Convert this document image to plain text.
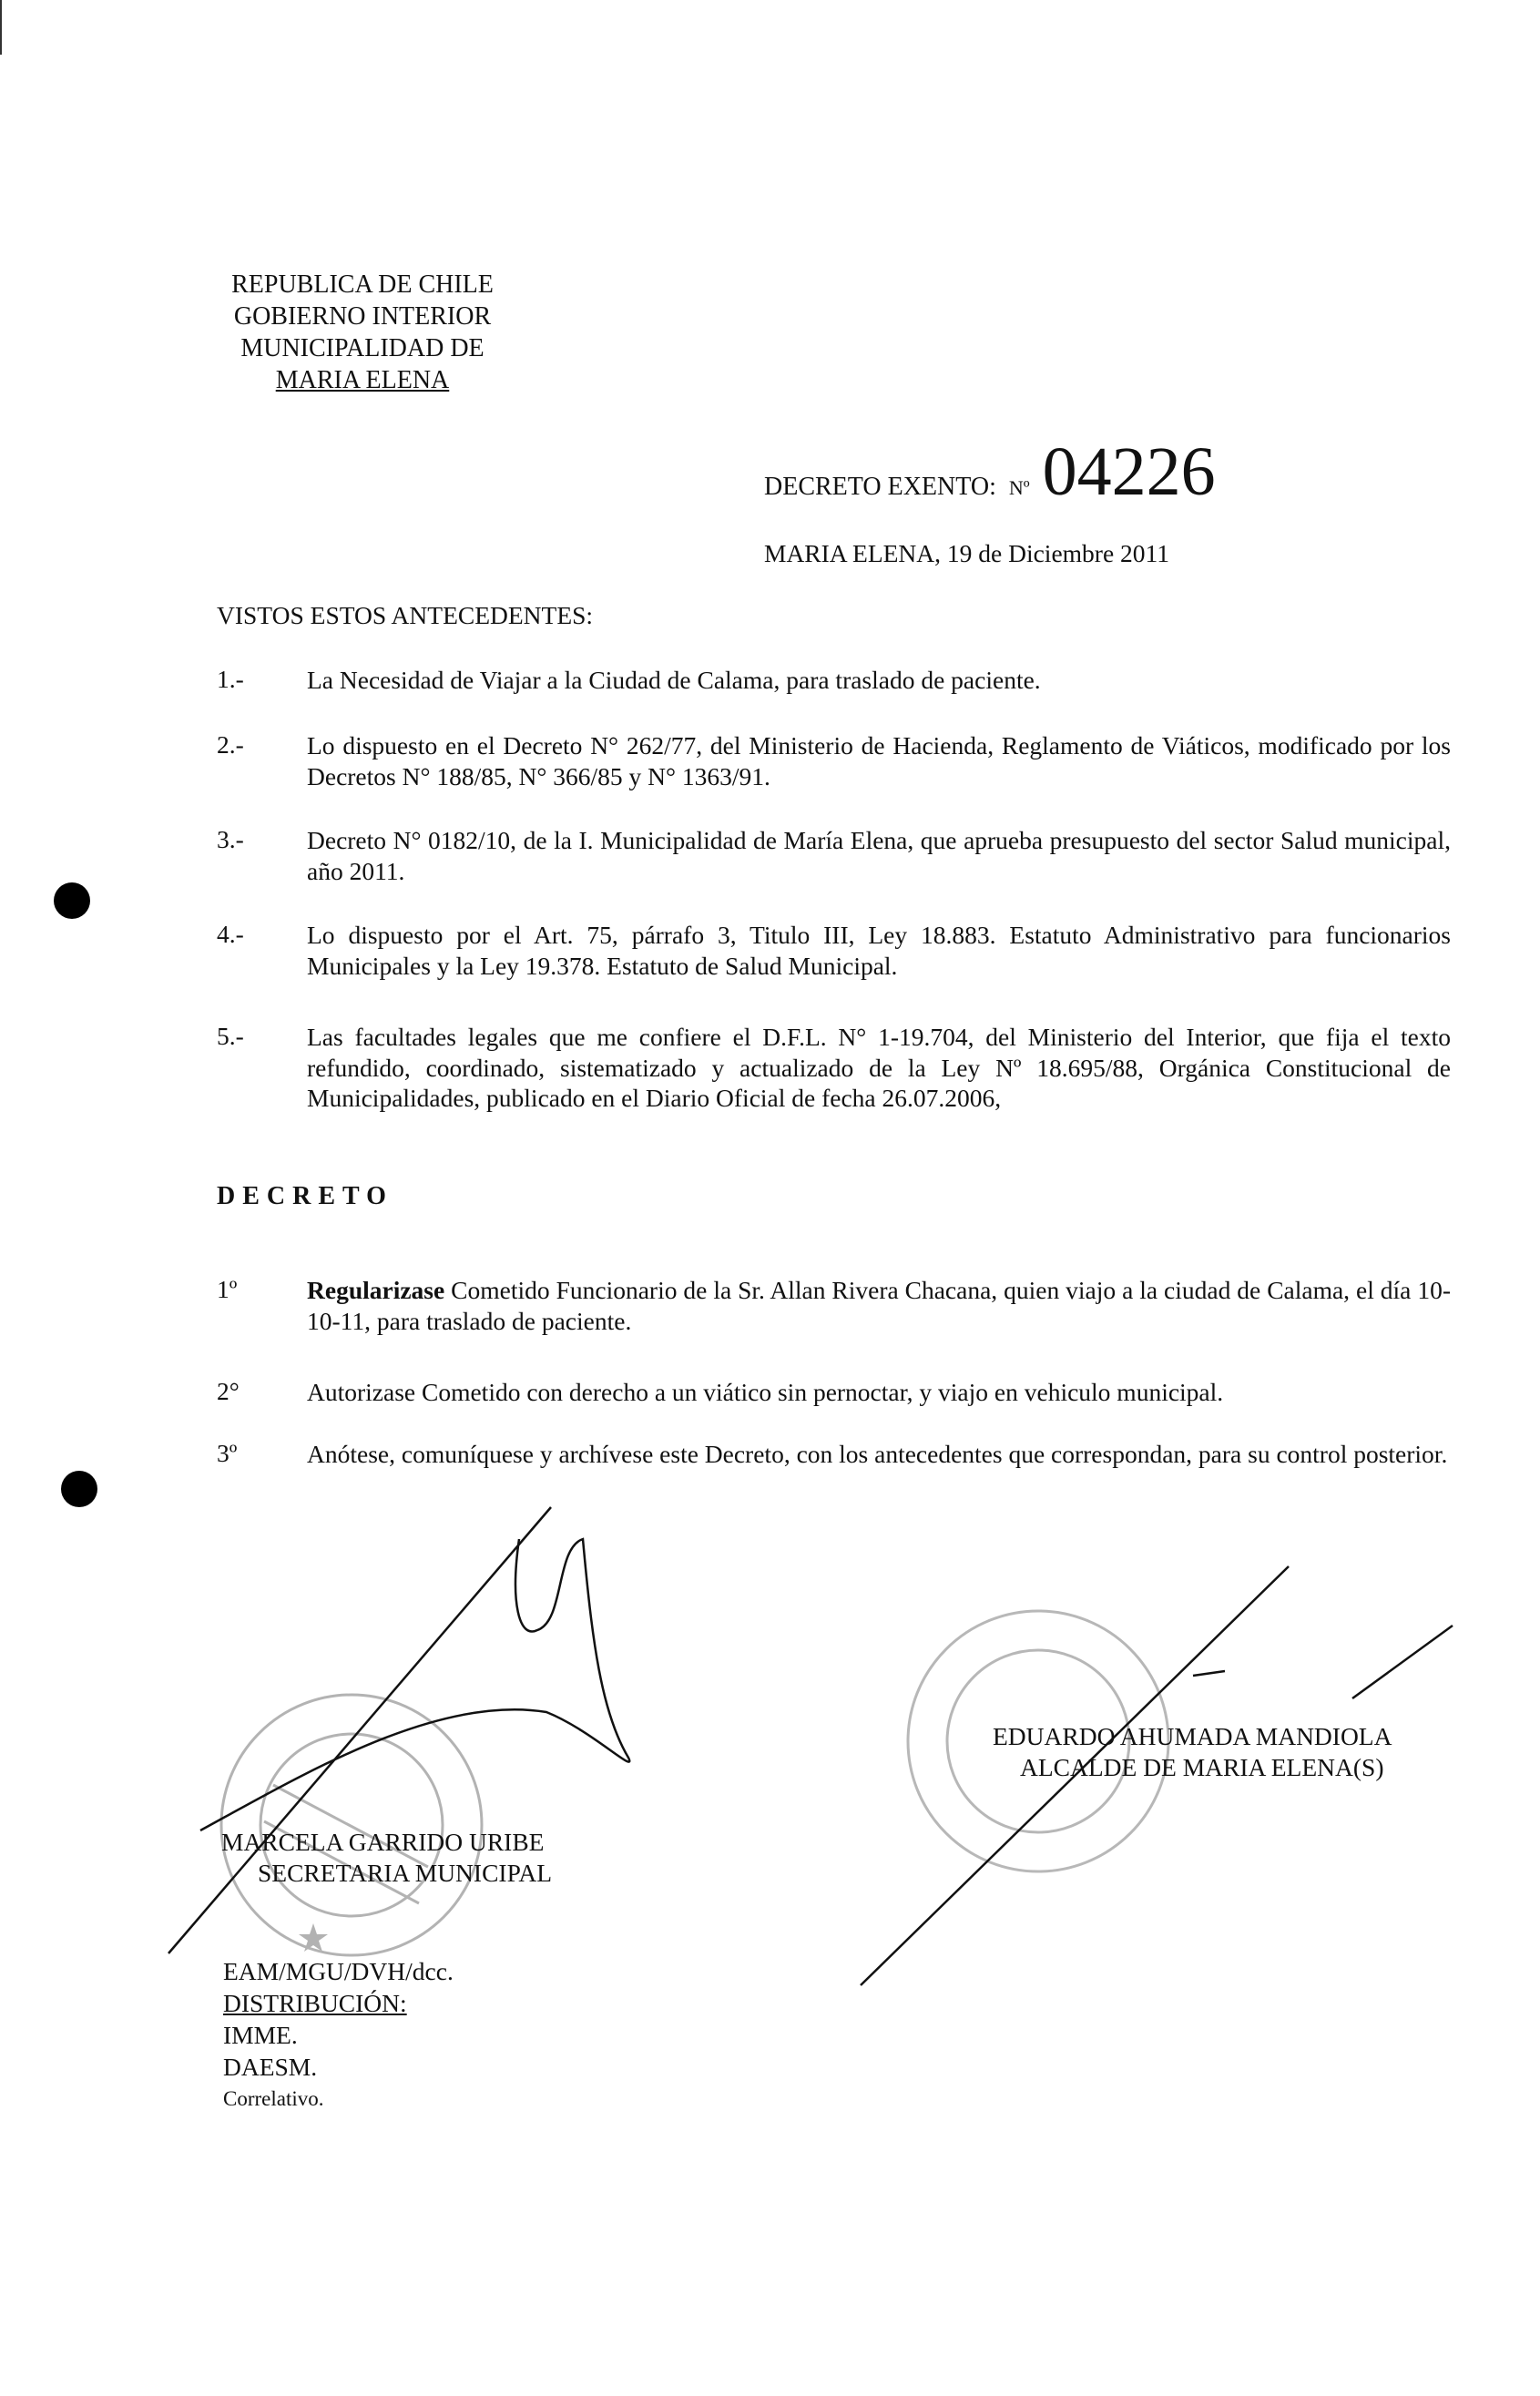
REPUBLICA DE CHILE
GOBIERNO INTERIOR
MUNICIPALIDAD DE
MARIA ELENA
DECRETO EXENTO: Nº 04226
MARIA ELENA, 19 de Diciembre 2011
VISTOS ESTOS ANTECEDENTES:
1.-	La Necesidad de Viajar a la Ciudad de Calama, para traslado de paciente.
2.-	Lo dispuesto en el Decreto N° 262/77, del Ministerio de Hacienda, Reglamento de Viáticos, modificado por los Decretos N° 188/85, N° 366/85 y N° 1363/91.
3.-	Decreto N° 0182/10, de la I. Municipalidad de María Elena, que aprueba presupuesto del sector Salud municipal, año 2011.
4.-	Lo dispuesto por el Art. 75, párrafo 3, Titulo III, Ley 18.883. Estatuto Administrativo para funcionarios Municipales y la Ley 19.378. Estatuto de Salud Municipal.
5.-	Las facultades legales que me confiere el D.F.L. N° 1-19.704, del Ministerio del Interior, que fija el texto refundido, coordinado, sistematizado y actualizado de la Ley Nº 18.695/88, Orgánica Constitucional de Municipalidades, publicado en el Diario Oficial de fecha 26.07.2006,
DECRETO
1º	Regularizase Cometido Funcionario de la Sr. Allan Rivera Chacana, quien viajo a la ciudad de Calama, el día 10-10-11, para traslado de paciente.
2°	Autorizase Cometido con derecho a un viático sin pernoctar, y viajo en vehiculo municipal.
3º	Anótese, comuníquese y archívese este Decreto, con los antecedentes que correspondan, para su control posterior.
MARCELA GARRIDO URIBE
SECRETARIA MUNICIPAL
EDUARDO AHUMADA MANDIOLA
ALCALDE DE MARIA ELENA(S)
EAM/MGU/DVH/dcc.
DISTRIBUCIÓN:
IMME.
DAESM.
Correlativo.
